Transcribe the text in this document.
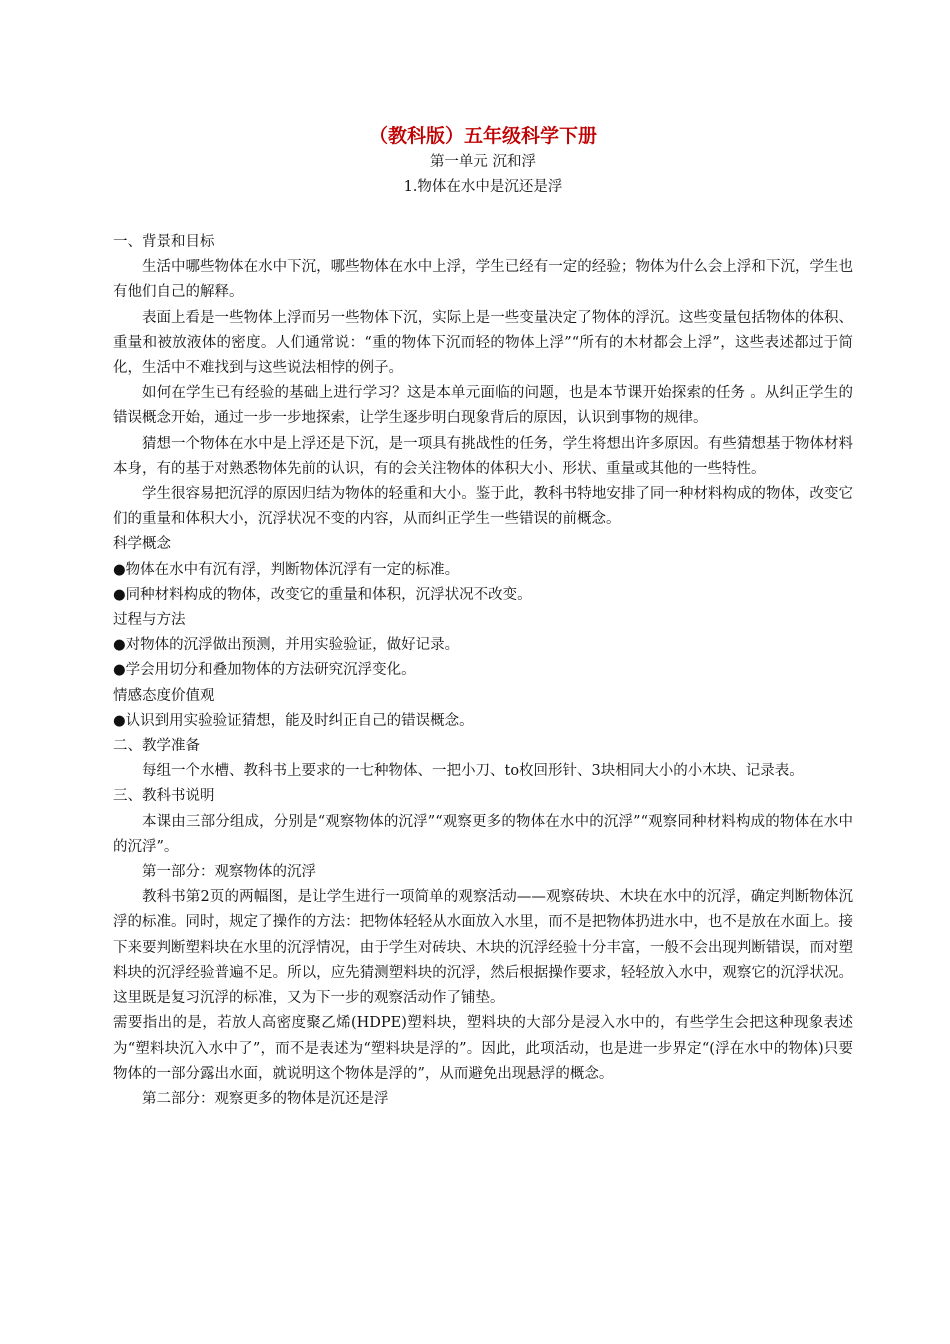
（教科版）五年级科学下册

第一单元 沉和浮

1.物体在水中是沉还是浮

一、背景和目标

生活中哪些物体在水中下沉，哪些物体在水中上浮，学生已经有一定的经验；物体为什么会上浮和下沉，学生也有他们自己的解释。

表面上看是一些物体上浮而另一些物体下沉，实际上是一些变量决定了物体的浮沉。这些变量包括物体的体积、重量和被放液体的密度。人们通常说：“重的物体下沉而轻的物体上浮”“所有的木材都会上浮”，这些表述都过于简化，生活中不难找到与这些说法相悖的例子。

如何在学生已有经验的基础上进行学习？这是本单元面临的问题，也是本节课开始探索的任务 。从纠正学生的错误概念开始，通过一步一步地探索，让学生逐步明白现象背后的原因，认识到事物的规律。

猜想一个物体在水中是上浮还是下沉，是一项具有挑战性的任务，学生将想出许多原因。有些猜想基于物体材料本身，有的基于对熟悉物体先前的认识，有的会关注物体的体积大小、形状、重量或其他的一些特性。

学生很容易把沉浮的原因归结为物体的轻重和大小。鉴于此，教科书特地安排了同一种材料构成的物体，改变它们的重量和体积大小，沉浮状况不变的内容，从而纠正学生一些错误的前概念。

科学概念

●物体在水中有沉有浮，判断物体沉浮有一定的标准。

●同种材料构成的物体，改变它的重量和体积，沉浮状况不改变。

过程与方法

●对物体的沉浮做出预测，并用实验验证，做好记录。

●学会用切分和叠加物体的方法研究沉浮变化。

情感态度价值观

●认识到用实验验证猜想，能及时纠正自己的错误概念。

二、教学准备

每组一个水槽、教科书上要求的一七种物体、一把小刀、to枚回形针、3块相同大小的小木块、记录表。

三、教科书说明

本课由三部分组成，分别是“观察物体的沉浮”“观察更多的物体在水中的沉浮”“观察同种材料构成的物体在水中的沉浮”。

第一部分：观察物体的沉浮

教科书第2页的两幅图，是让学生进行一项简单的观察活动——观察砖块、木块在水中的沉浮，确定判断物体沉浮的标准。同时，规定了操作的方法：把物体轻轻从水面放入水里，而不是把物体扔进水中，也不是放在水面上。接下来要判断塑料块在水里的沉浮情况，由于学生对砖块、木块的沉浮经验十分丰富，一般不会出现判断错误，而对塑料块的沉浮经验普遍不足。所以，应先猜测塑料块的沉浮，然后根据操作要求，轻轻放入水中，观察它的沉浮状况。这里既是复习沉浮的标准，又为下一步的观察活动作了铺垫。

需要指出的是，若放人高密度聚乙烯(HDPE)塑料块，塑料块的大部分是浸入水中的，有些学生会把这种现象表述为“塑料块沉入水中了”，而不是表述为“塑料块是浮的”。因此，此项活动，也是进一步界定“(浮在水中的物体)只要物体的一部分露出水面，就说明这个物体是浮的”，从而避免出现悬浮的概念。

第二部分：观察更多的物体是沉还是浮
